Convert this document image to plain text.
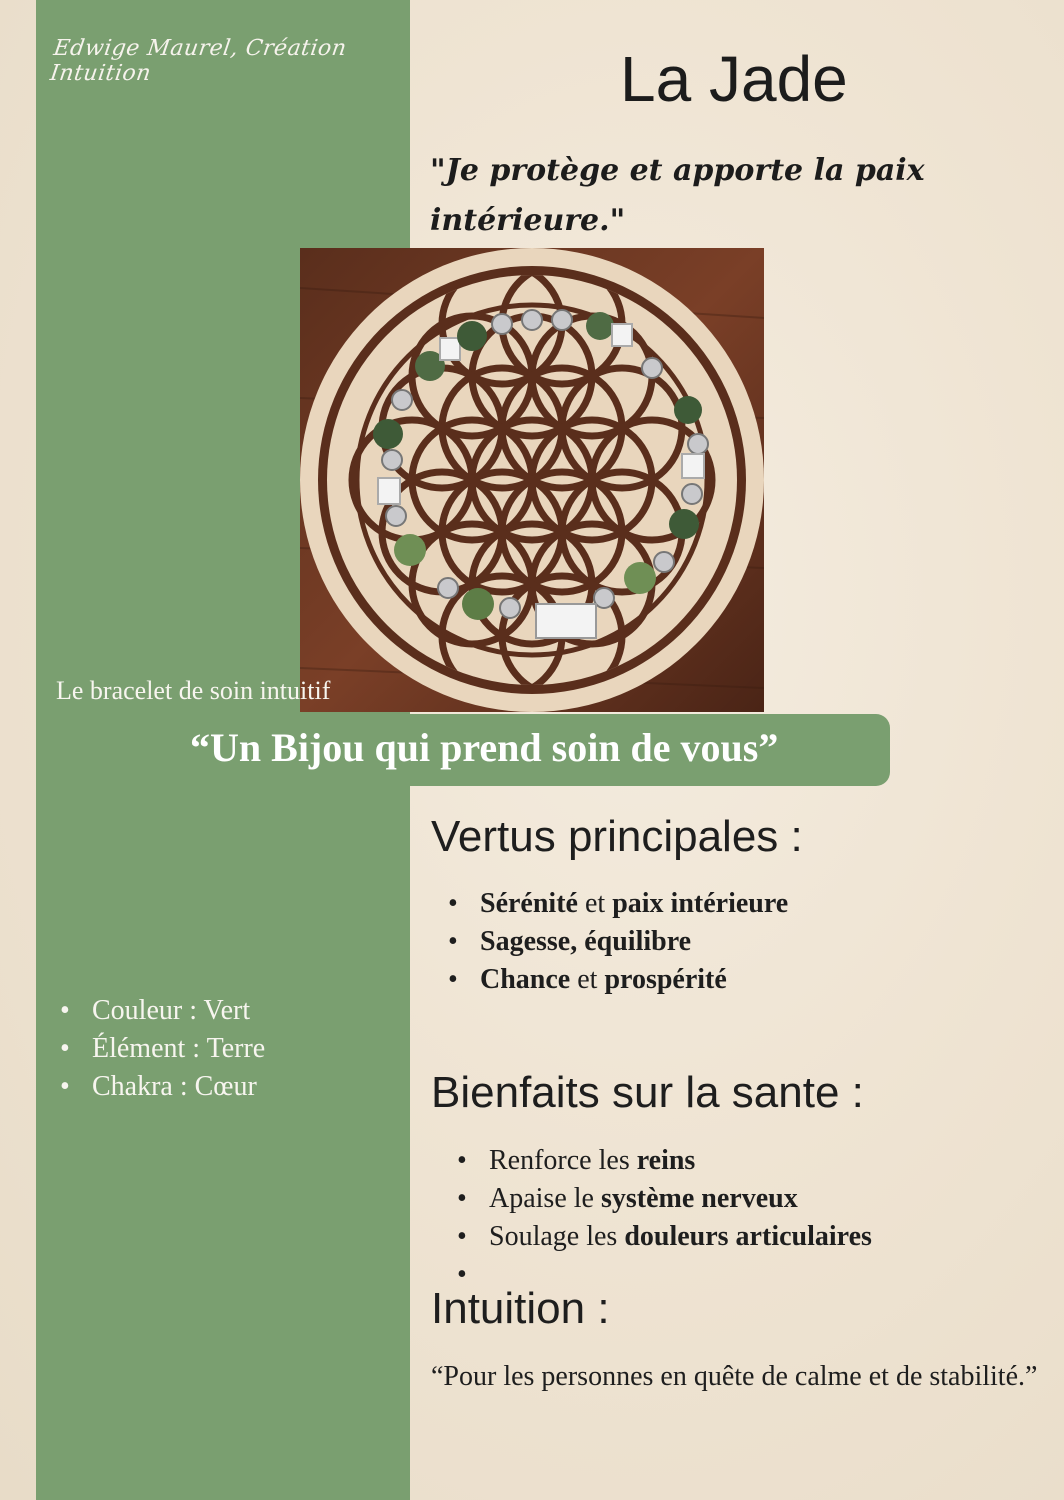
Edwige Maurel, Création Intuition	La Jade
"Je protège et apporte la paix intérieure."
Le bracelet de soin intuitif
“Un Bijou qui prend soin de vous”
Vertus principales :
• Sérénité et paix intérieure
• Sagesse, équilibre
• Chance et prospérité
• Couleur : Vert
• Élément : Terre
• Chakra : Cœur	Bienfaits sur la sante :
• Renforce les reins
• Apaise le système nerveux
• Soulage les douleurs articulaires
•
Intuition :
“Pour les personnes en quête de calme et de stabilité.”
